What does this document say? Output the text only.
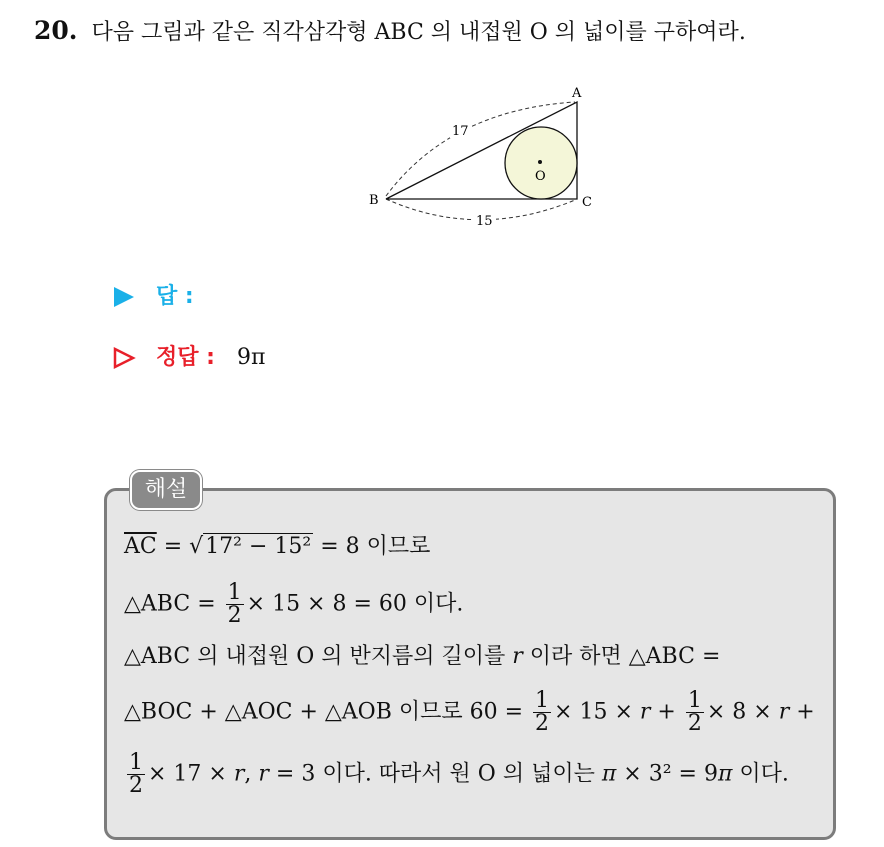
20. 다음 그림과 같은 직각삼각형 ABC 의 내접원 O 의 넓이를 구하여라.
17
15
A
B	C
O
답 :
정답 : 9π
해설
$\overline{AC} = √17^2 - 15^2 = 8$ 이므로
△ABC = $\frac{1}{2} \times 15 \times 8 = 60$ 이다.
△ABC 의 내접원 O 의 반지름의 길이를 r 이라 하면 △ABC =
△BOC + △AOC + △AOB 이므로 $60 = \frac{1}{2} \times 15 \times r + \frac{1}{2} \times 8 \times r$ +
$\frac{1}{2} \times 17 \times r$, r = 3 이다. 따라서 원 O 의 넓이는 π × 3² = 9π 이다.
